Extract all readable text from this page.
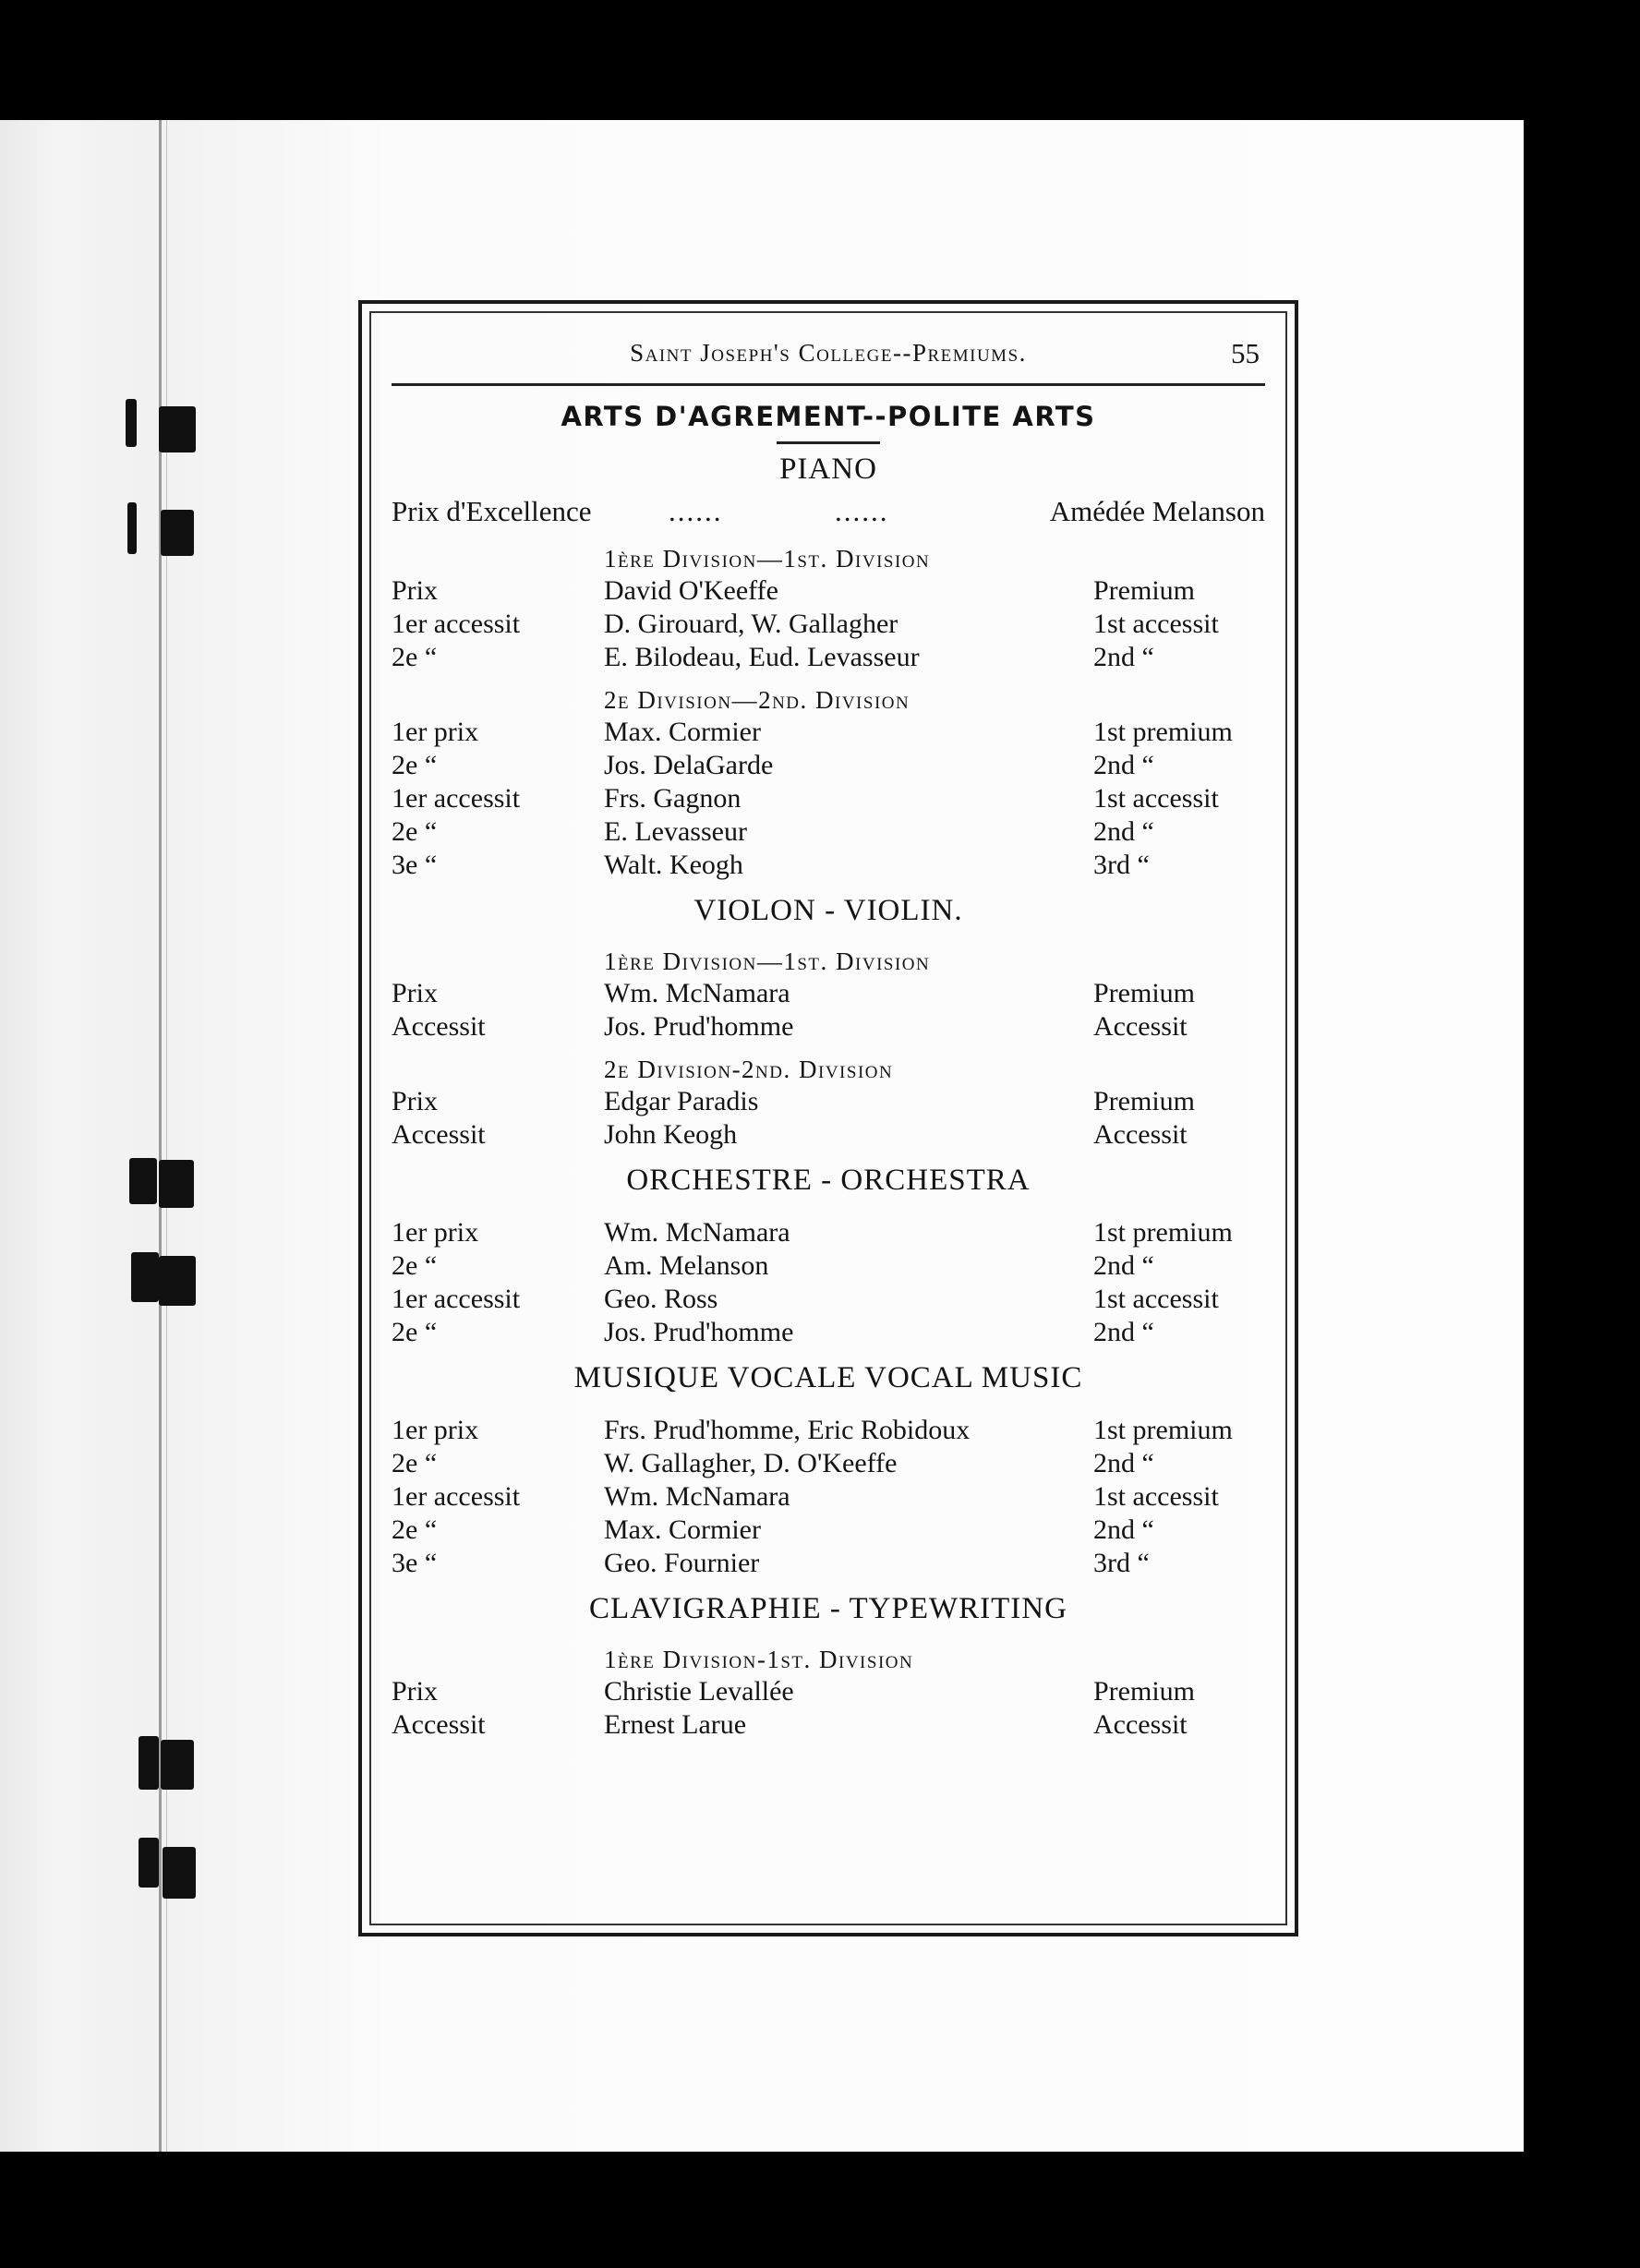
Saint Joseph's College--Premiums.	55
ARTS D'AGREMENT--POLITE ARTS
PIANO
Prix d'Excellence	......	......	Amédée Melanson
1ère Division—1st. Division
Prix	David O'Keeffe	Premium
1er accessit	D. Girouard, W. Gallagher	1st accessit
2e “	E. Bilodeau, Eud. Levasseur	2nd “
2e Division—2nd. Division
1er prix	Max. Cormier	1st premium
2e “	Jos. DelaGarde	2nd “
1er accessit	Frs. Gagnon	1st accessit
2e “	E. Levasseur	2nd “
3e “	Walt. Keogh	3rd “
VIOLON - VIOLIN.
1ère Division—1st. Division
Prix	Wm. McNamara	Premium
Accessit	Jos. Prud'homme	Accessit
2e Division-2nd. Division
Prix	Edgar Paradis	Premium
Accessit	John Keogh	Accessit
ORCHESTRE - ORCHESTRA
1er prix	Wm. McNamara	1st premium
2e “	Am. Melanson	2nd “
1er accessit	Geo. Ross	1st accessit
2e “	Jos. Prud'homme	2nd “
MUSIQUE VOCALE VOCAL MUSIC
1er prix	Frs. Prud'homme, Eric Robidoux	1st premium
2e “	W. Gallagher, D. O'Keeffe	2nd “
1er accessit	Wm. McNamara	1st accessit
2e “	Max. Cormier	2nd “
3e “	Geo. Fournier	3rd “
CLAVIGRAPHIE - TYPEWRITING
1ère Division-1st. Division
Prix	Christie Levallée	Premium
Accessit	Ernest Larue	Accessit
